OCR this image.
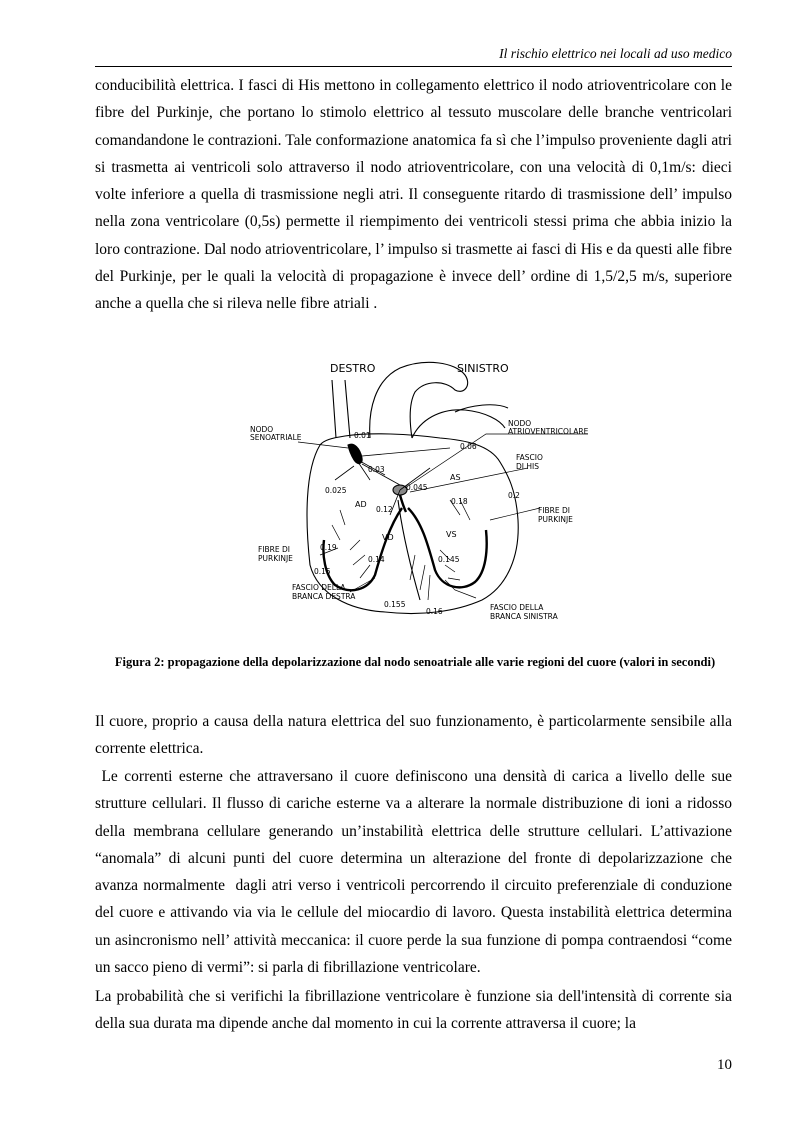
Il rischio elettrico nei locali ad uso medico

conducibilità elettrica. I fasci di His mettono in collegamento elettrico il nodo atrioventricolare con le fibre del Purkinje, che portano lo stimolo elettrico al tessuto muscolare delle branche ventricolari comandandone le contrazioni. Tale conformazione anatomica fa sì che l’impulso proveniente dagli atri si trasmetta ai ventricoli solo attraverso il nodo atrioventricolare, con una velocità di 0,1m/s: dieci volte inferiore a quella di trasmissione negli atri. Il conseguente ritardo di trasmissione dell’ impulso nella zona ventricolare (0,5s) permette il riempimento dei ventricoli stessi prima che abbia inizio la loro contrazione. Dal nodo atrioventricolare, l’ impulso si trasmette ai fasci di His e da questi alle fibre del Purkinje, per le quali la velocità di propagazione è invece dell’ ordine di 1,5/2,5 m/s, superiore anche a quella che si rileva nelle fibre atriali .

DESTRO	SINISTRO
NODO
SENOATRIALE
NODO
ATRIOVENTRICOLARE
FASCIO
DI HIS
FIBRE DI
PURKINJE
FIBRE DI
PURKINJE
FASCIO DELLA
BRANCA DESTRA
FASCIO DELLA
BRANCA SINISTRA
AD
AS
VD	VS
0.01
0.03
0.06
0.045
0.025
0.12
0.18
0.2
0.19
0.14	0.145
0.15
0.155
0.16
Figura 2: propagazione della depolarizzazione dal nodo senoatriale alle varie regioni del cuore (valori in secondi)

Il cuore, proprio a causa della natura elettrica del suo funzionamento, è particolarmente sensibile alla corrente elettrica.

Le correnti esterne che attraversano il cuore definiscono una densità di carica a livello delle sue strutture cellulari. Il flusso di cariche esterne va a alterare la normale distribuzione di ioni a ridosso della membrana cellulare generando un’instabilità elettrica delle strutture cellulari. L’attivazione “anomala” di alcuni punti del cuore determina un alterazione del fronte di depolarizzazione che avanza normalmente  dagli atri verso i ventricoli percorrendo il circuito preferenziale di conduzione del cuore e attivando via via le cellule del miocardio di lavoro. Questa instabilità elettrica determina un asincronismo nell’ attività meccanica: il cuore perde la sua funzione di pompa contraendosi “come un sacco pieno di vermi”: si parla di fibrillazione ventricolare.

La probabilità che si verifichi la fibrillazione ventricolare è funzione sia dell'intensità di corrente sia della sua durata ma dipende anche dal momento in cui la corrente attraversa il cuore; la

10
